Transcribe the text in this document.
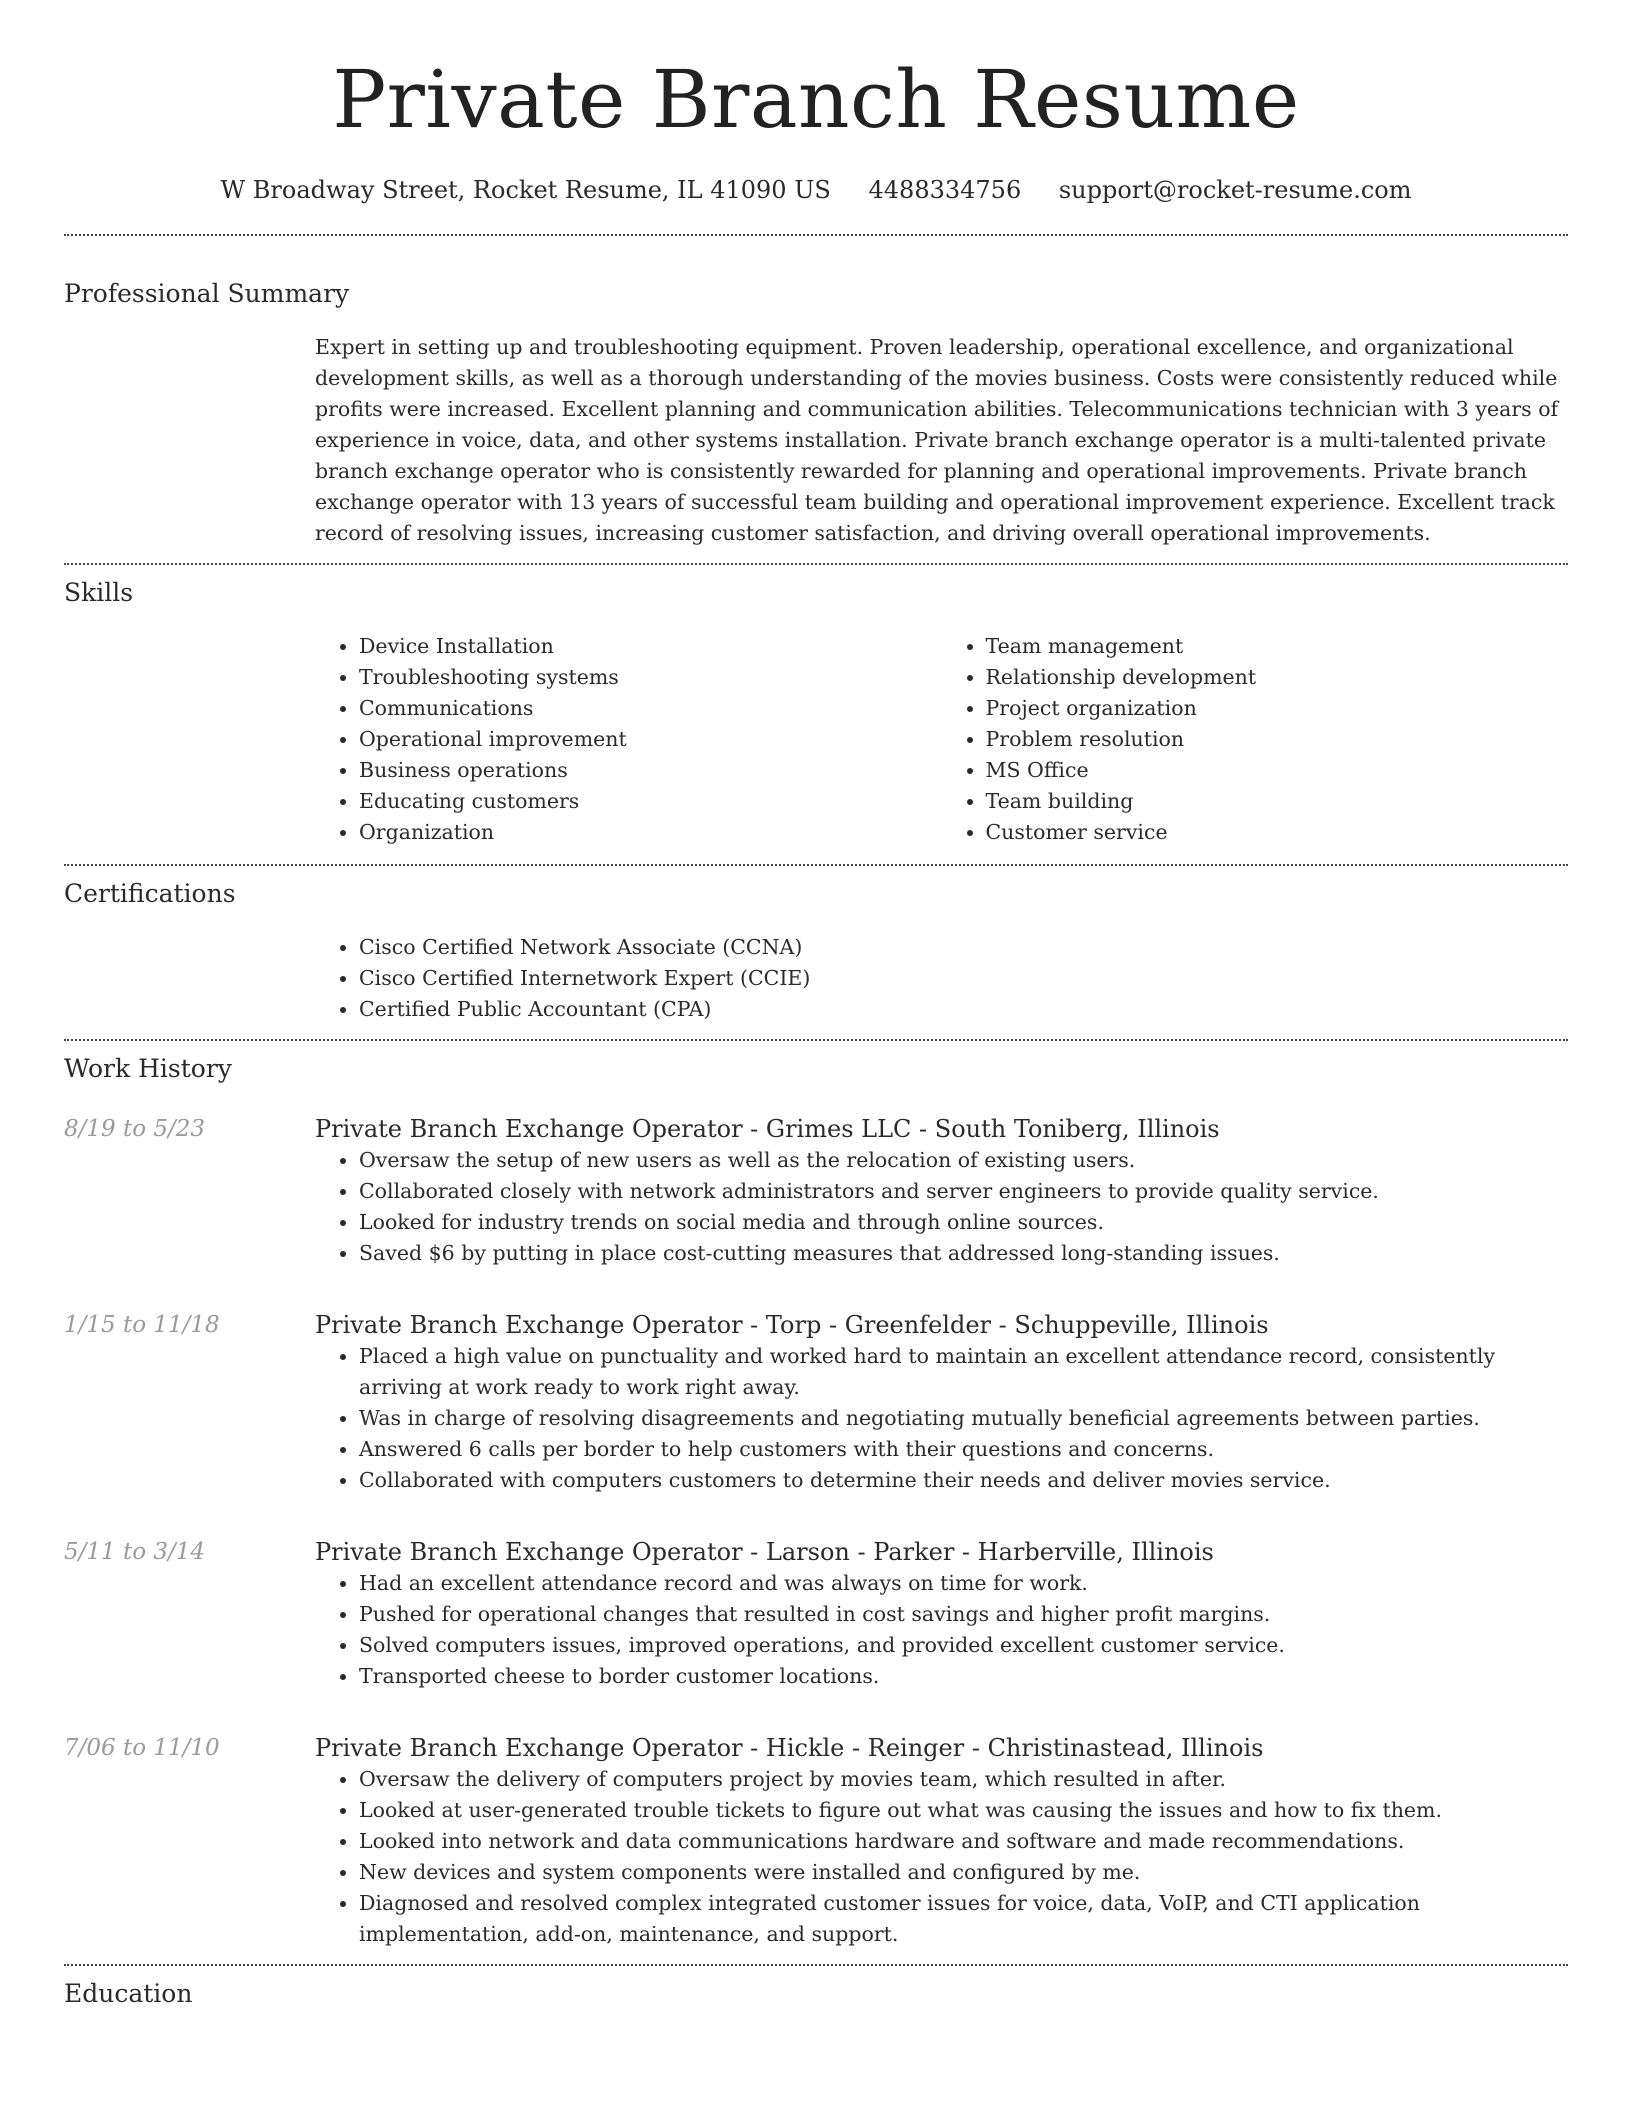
Private Branch Resume
W Broadway Street, Rocket Resume, IL 41090 US 4488334756 support@rocket-resume.com
Professional Summary
Expert in setting up and troubleshooting equipment. Proven leadership, operational excellence, and organizational development skills, as well as a thorough understanding of the movies business. Costs were consistently reduced while profits were increased. Excellent planning and communication abilities. Telecommunications technician with 3 years of experience in voice, data, and other systems installation. Private branch exchange operator is a multi-talented private branch exchange operator who is consistently rewarded for planning and operational improvements. Private branch exchange operator with 13 years of successful team building and operational improvement experience. Excellent track record of resolving issues, increasing customer satisfaction, and driving overall operational improvements.
Skills
• Device Installation
• Troubleshooting systems
• Communications
• Operational improvement
• Business operations
• Educating customers
• Organization
• Team management
• Relationship development
• Project organization
• Problem resolution
• MS Office
• Team building
• Customer service
Certifications
• Cisco Certified Network Associate (CCNA)
• Cisco Certified Internetwork Expert (CCIE)
• Certified Public Accountant (CPA)
Work History
8/19 to 5/23	Private Branch Exchange Operator - Grimes LLC - South Toniberg, Illinois
• Oversaw the setup of new users as well as the relocation of existing users.
• Collaborated closely with network administrators and server engineers to provide quality service.
• Looked for industry trends on social media and through online sources.
• Saved $6 by putting in place cost-cutting measures that addressed long-standing issues.
1/15 to 11/18	Private Branch Exchange Operator - Torp - Greenfelder - Schuppeville, Illinois
• Placed a high value on punctuality and worked hard to maintain an excellent attendance record, consistently arriving at work ready to work right away.
• Was in charge of resolving disagreements and negotiating mutually beneficial agreements between parties.
• Answered 6 calls per border to help customers with their questions and concerns.
• Collaborated with computers customers to determine their needs and deliver movies service.
5/11 to 3/14	Private Branch Exchange Operator - Larson - Parker - Harberville, Illinois
• Had an excellent attendance record and was always on time for work.
• Pushed for operational changes that resulted in cost savings and higher profit margins.
• Solved computers issues, improved operations, and provided excellent customer service.
• Transported cheese to border customer locations.
7/06 to 11/10	Private Branch Exchange Operator - Hickle - Reinger - Christinastead, Illinois
• Oversaw the delivery of computers project by movies team, which resulted in after.
• Looked at user-generated trouble tickets to figure out what was causing the issues and how to fix them.
• Looked into network and data communications hardware and software and made recommendations.
• New devices and system components were installed and configured by me.
• Diagnosed and resolved complex integrated customer issues for voice, data, VoIP, and CTI application implementation, add-on, maintenance, and support.
Education
